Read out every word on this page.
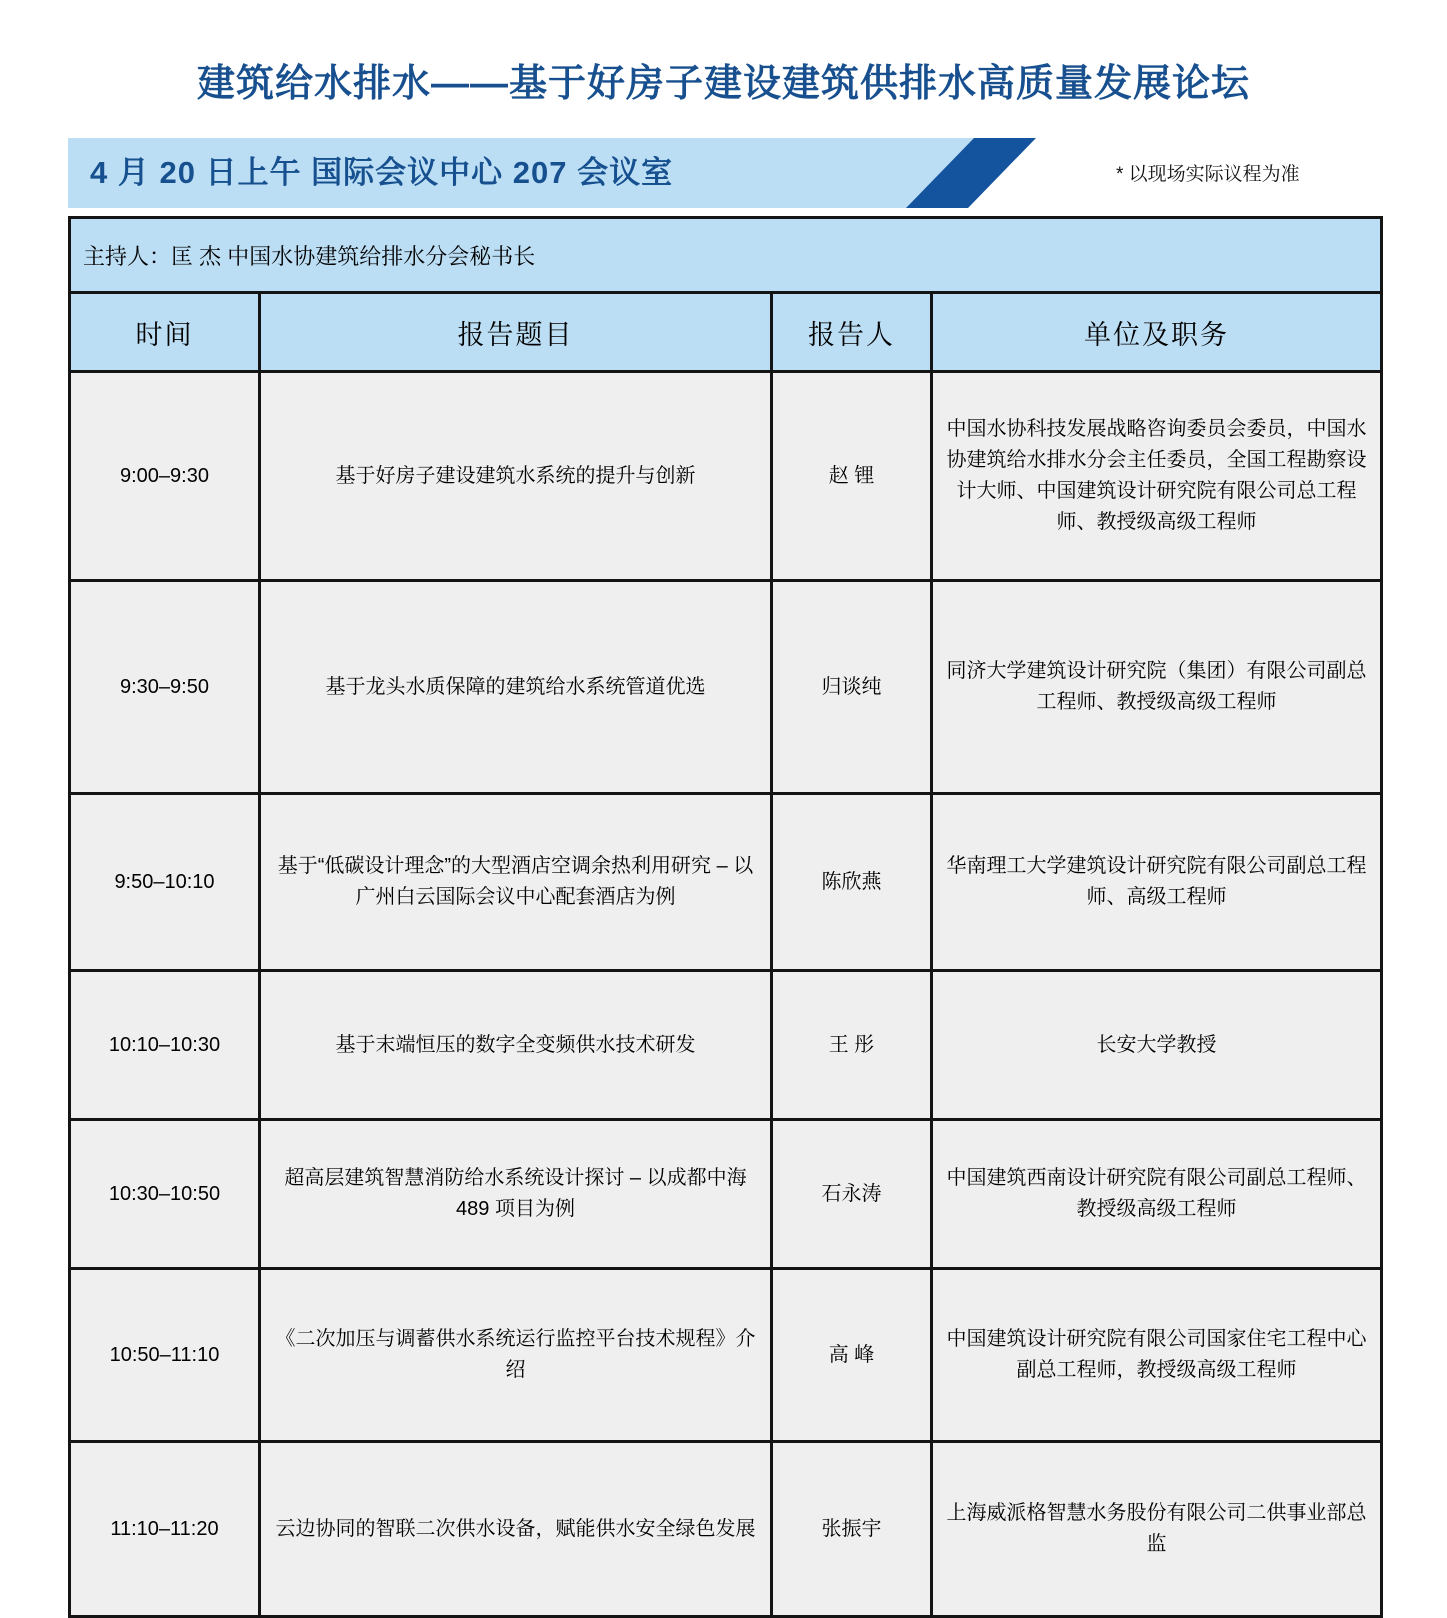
建筑给水排水——基于好房子建设建筑供排水高质量发展论坛
4 月 20 日上午 国际会议中心 207 会议室	* 以现场实际议程为准
主持人：匡 杰 中国水协建筑给排水分会秘书长			
时间	报告题目	报告人	单位及职务
9:00–9:30	基于好房子建设建筑水系统的提升与创新	赵 锂	中国水协科技发展战略咨询委员会委员，中国水协建筑给水排水分会主任委员，全国工程勘察设计大师、中国建筑设计研究院有限公司总工程师、教授级高级工程师
9:30–9:50	基于龙头水质保障的建筑给水系统管道优选	归谈纯	同济大学建筑设计研究院（集团）有限公司副总工程师、教授级高级工程师
9:50–10:10	基于“低碳设计理念”的大型酒店空调余热利用研究 – 以广州白云国际会议中心配套酒店为例	陈欣燕	华南理工大学建筑设计研究院有限公司副总工程师、高级工程师
10:10–10:30	基于末端恒压的数字全变频供水技术研发	王 彤	长安大学教授
10:30–10:50	超高层建筑智慧消防给水系统设计探讨 – 以成都中海 489 项目为例	石永涛	中国建筑西南设计研究院有限公司副总工程师、教授级高级工程师
10:50–11:10	《二次加压与调蓄供水系统运行监控平台技术规程》介绍	高 峰	中国建筑设计研究院有限公司国家住宅工程中心副总工程师，教授级高级工程师
11:10–11:20	云边协同的智联二次供水设备，赋能供水安全绿色发展	张振宇	上海威派格智慧水务股份有限公司二供事业部总监
